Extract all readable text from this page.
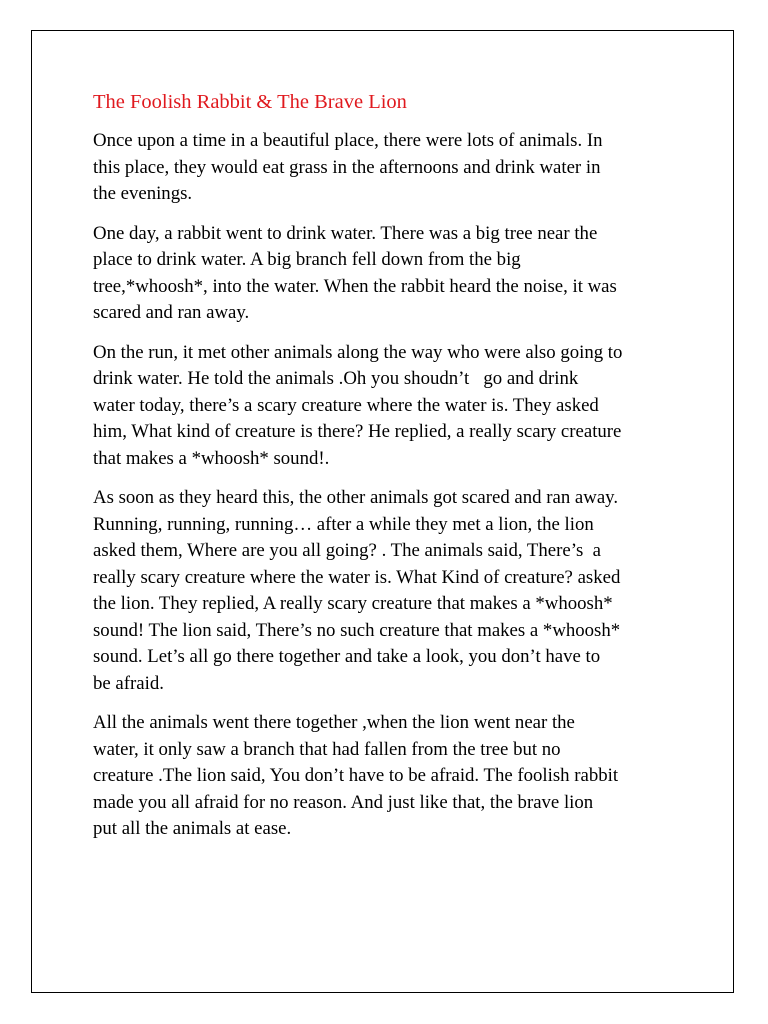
The Foolish Rabbit & The Brave Lion

Once upon a time in a beautiful place, there were lots of animals. In
this place, they would eat grass in the afternoons and drink water in
the evenings.

One day, a rabbit went to drink water. There was a big tree near the
place to drink water. A big branch fell down from the big
tree,*whoosh*, into the water. When the rabbit heard the noise, it was
scared and ran away.

On the run, it met other animals along the way who were also going to
drink water. He told the animals .Oh you shoudn’t   go and drink
water today, there’s a scary creature where the water is. They asked
him, What kind of creature is there? He replied, a really scary creature
that makes a *whoosh* sound!.

As soon as they heard this, the other animals got scared and ran away.
Running, running, running… after a while they met a lion, the lion
asked them, Where are you all going? . The animals said, There’s  a
really scary creature where the water is. What Kind of creature? asked
the lion. They replied, A really scary creature that makes a *whoosh*
sound! The lion said, There’s no such creature that makes a *whoosh*
sound. Let’s all go there together and take a look, you don’t have to
be afraid.

All the animals went there together ,when the lion went near the
water, it only saw a branch that had fallen from the tree but no
creature .The lion said, You don’t have to be afraid. The foolish rabbit
made you all afraid for no reason. And just like that, the brave lion
put all the animals at ease.
